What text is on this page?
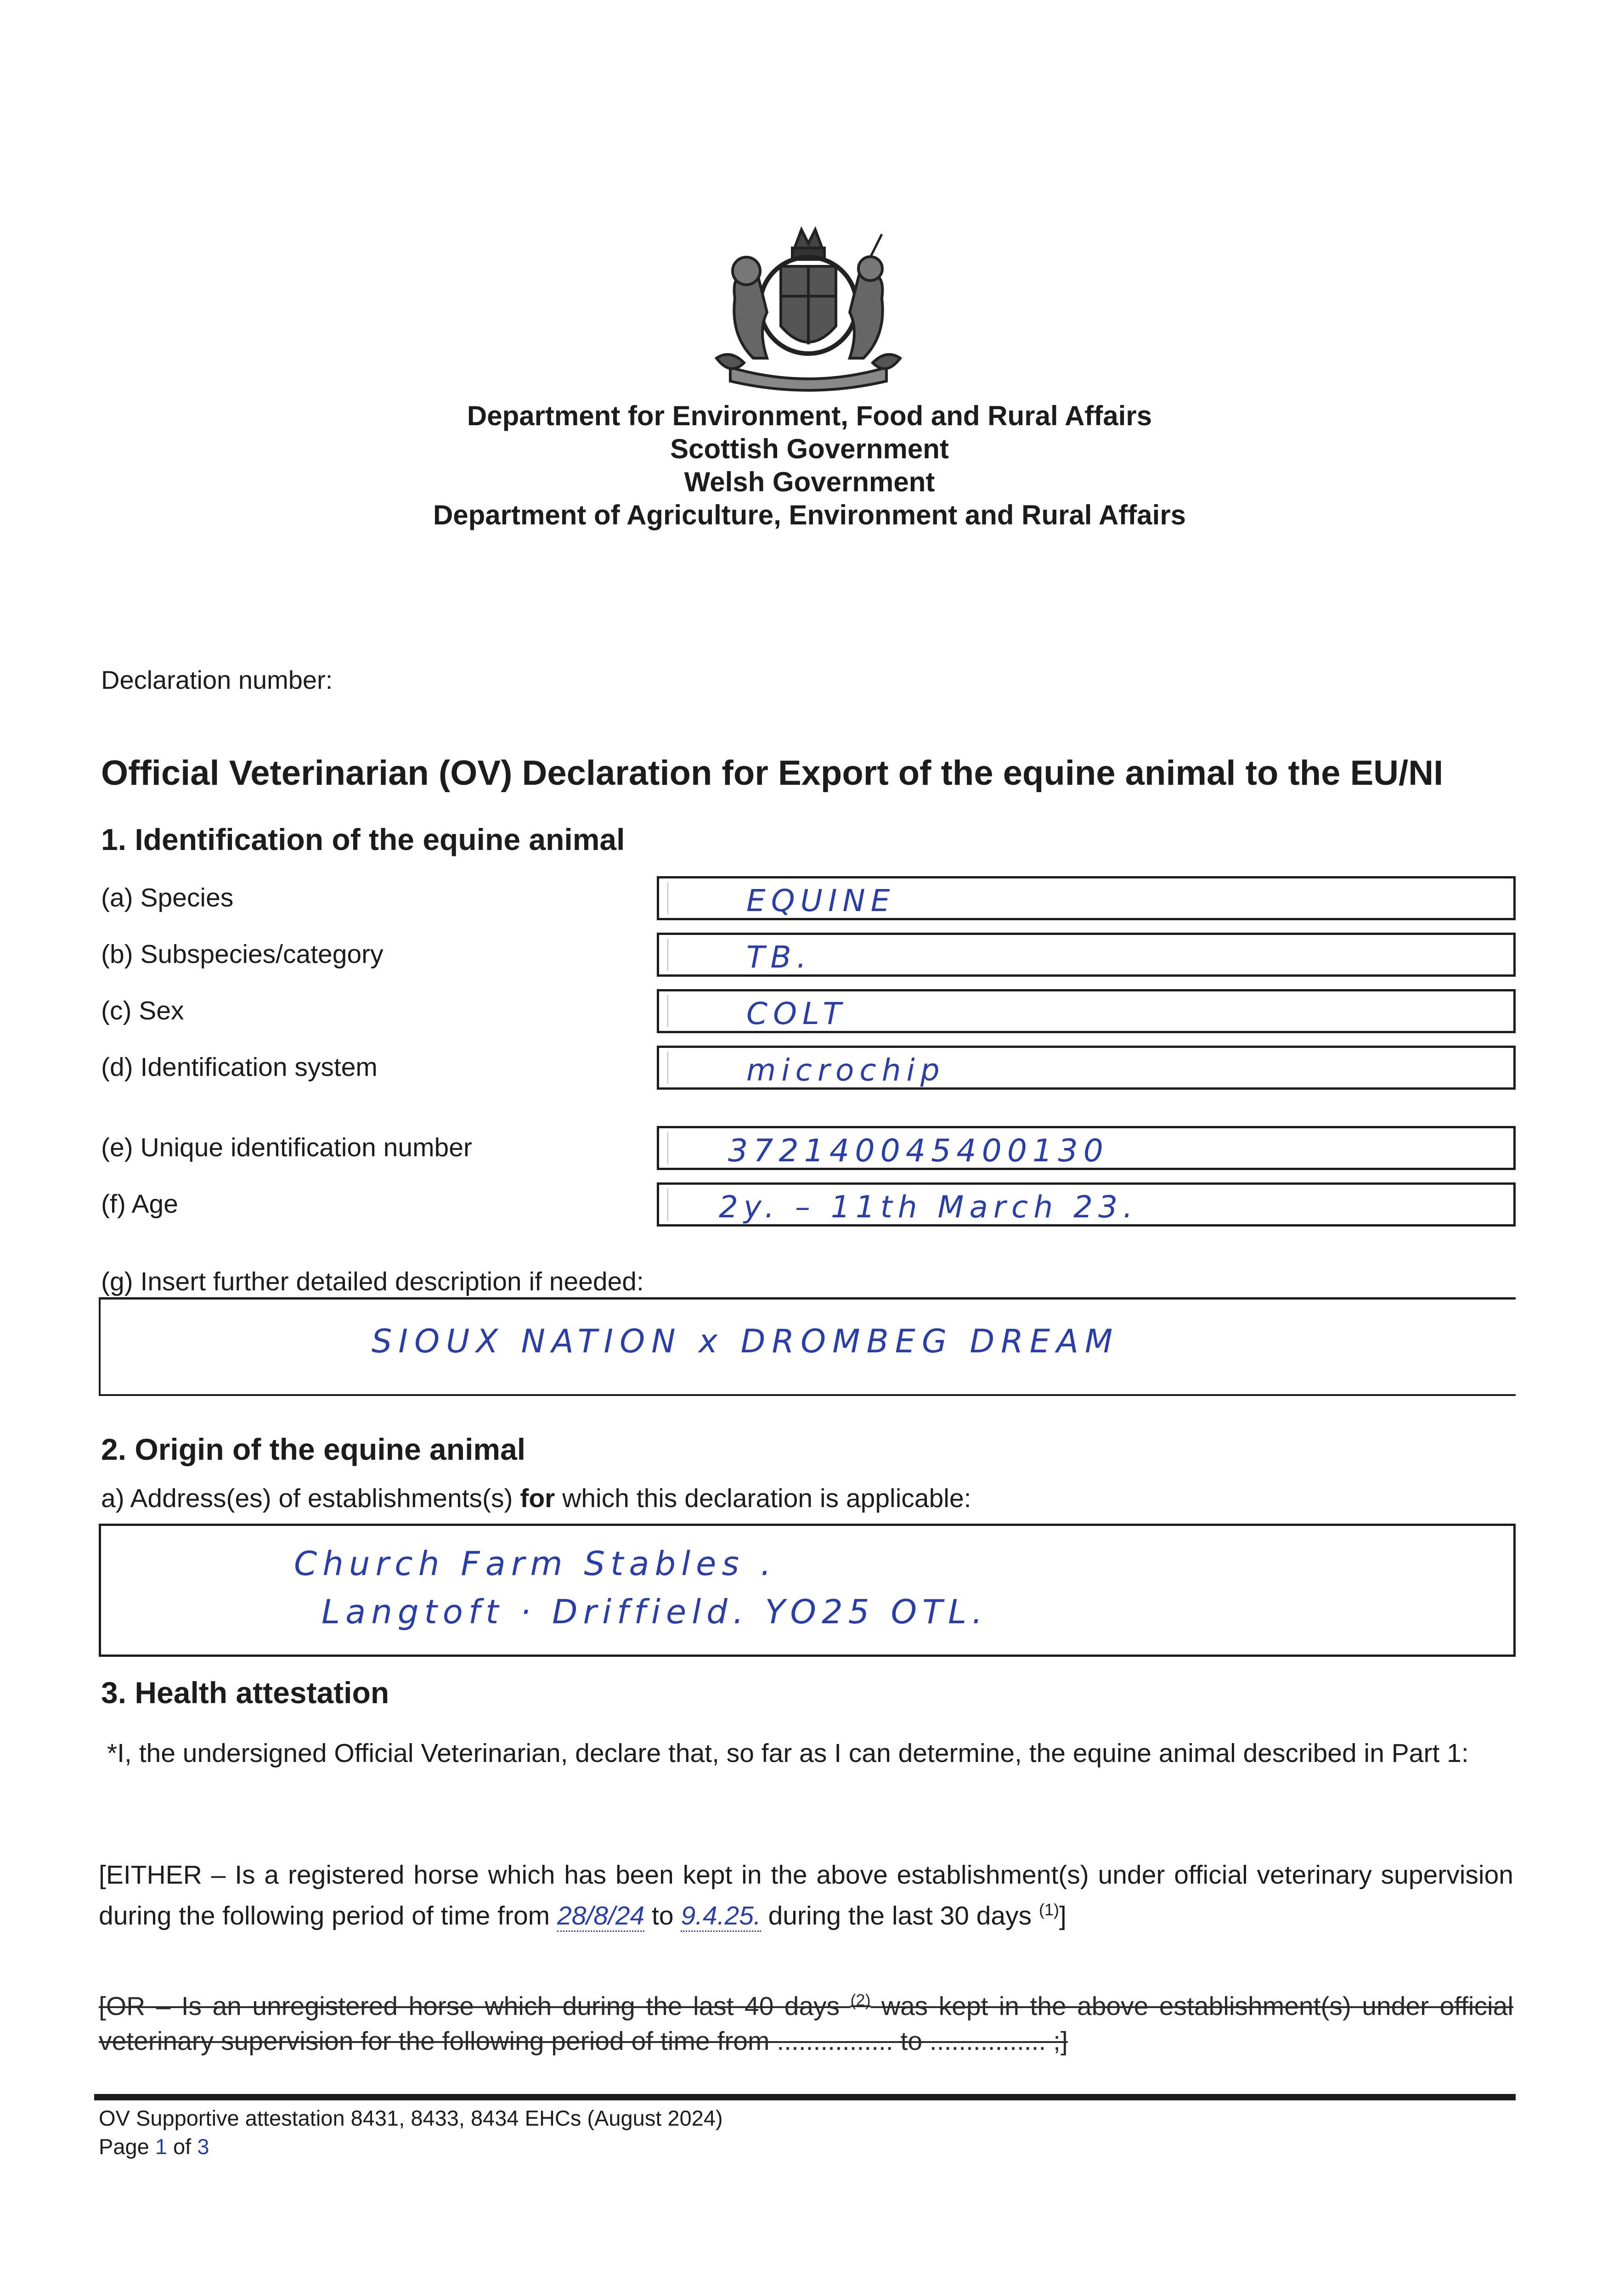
Department for Environment, Food and Rural Affairs
Scottish Government
Welsh Government
Department of Agriculture, Environment and Rural Affairs
Declaration number:
Official Veterinarian (OV) Declaration for Export of the equine animal to the EU/NI
1. Identification of the equine animal
(a) Species	EQUINE
(b) Subspecies/category	TB.
(c) Sex	COLT
(d) Identification system	microchip
(e) Unique identification number	372140045400130
(f) Age	2y. – 11th March 23.
(g) Insert further detailed description if needed:
SIOUX NATION x DROMBEG DREAM
2. Origin of the equine animal
a) Address(es) of establishments(s) for which this declaration is applicable:
Church Farm Stables .
Langtoft · Driffield. YO25 OTL.
3. Health attestation
*I, the undersigned Official Veterinarian, declare that, so far as I can determine, the equine animal described in Part 1:
[EITHER – Is a registered horse which has been kept in the above establishment(s) under official veterinary supervision during the following period of time from 28/8/24 to 9.4.25. during the last 30 days $^{(1)}$]
[OR – Is an unregistered horse which during the last 40 days $^{(2)}$ was kept in the above establishment(s) under official veterinary supervision for the following period of time from ................ to ................ ;]
OV Supportive attestation 8431, 8433, 8434 EHCs (August 2024)
Page 1 of 3
